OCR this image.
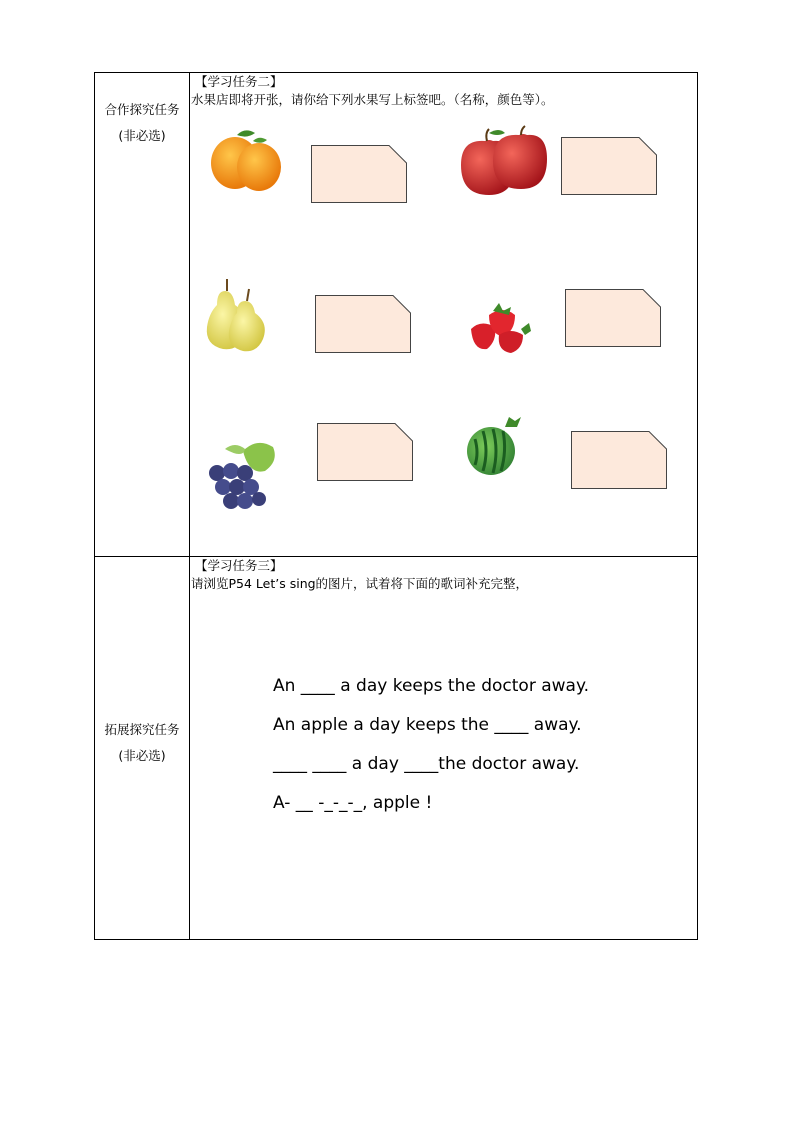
合作探究任务
(非必选)
【学习任务二】
水果店即将开张，请你给下列水果写上标签吧。（名称，颜色等）。
拓展探究任务
(非必选)
【学习任务三】
请浏览P54 Let’s sing的图片，试着将下面的歌词补充完整，
An ____ a day keeps the doctor away.
An apple a day keeps the ____ away.
____ ____ a day ____the doctor away.
A- __ -_-_-_, apple !
